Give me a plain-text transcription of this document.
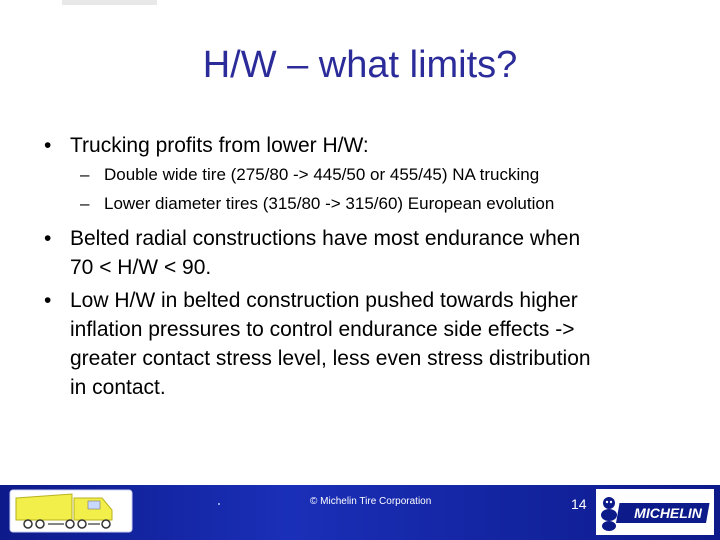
H/W – what limits?
• Trucking profits from lower H/W:
– Double wide tire (275/80 -> 445/50 or 455/45) NA trucking
– Lower diameter tires (315/80 -> 315/60) European evolution
• Belted radial constructions have most endurance when
70 < H/W < 90.
• Low H/W in belted construction pushed towards higher
inflation pressures to control endurance side effects ->
greater contact stress level, less even stress distribution
in contact.
© Michelin Tire Corporation	14
MICHELIN
